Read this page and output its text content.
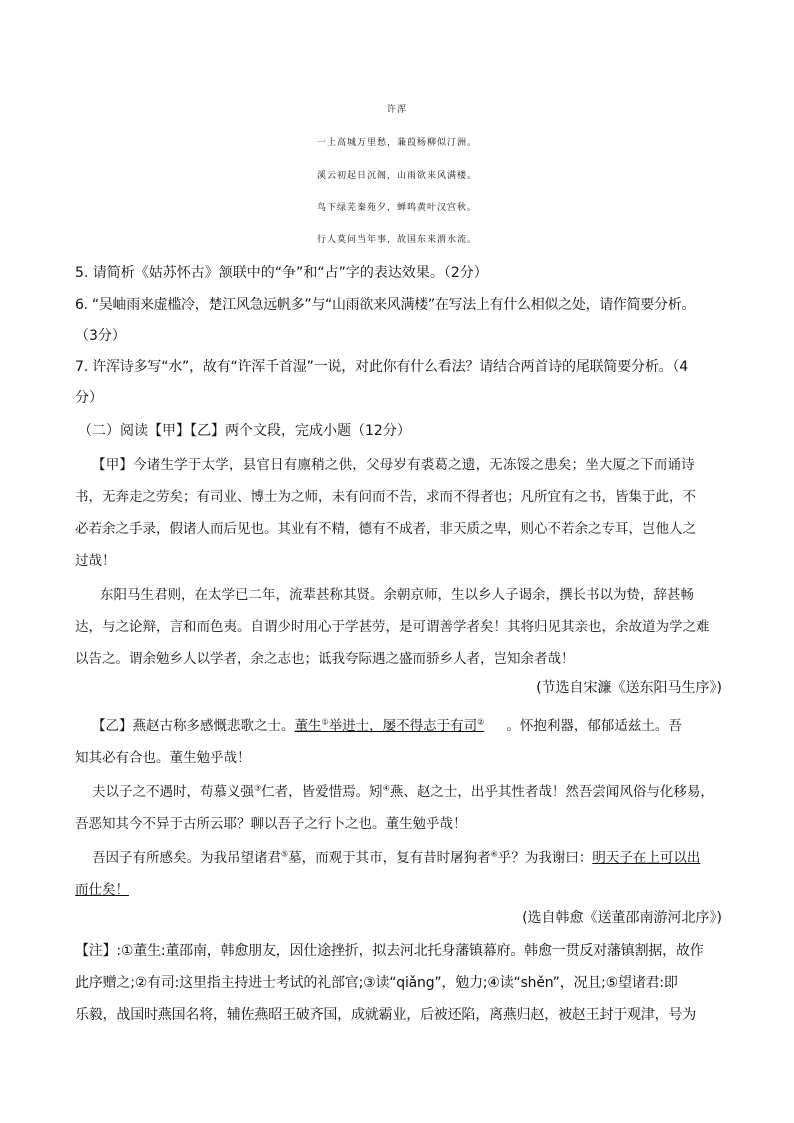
许浑
一上高城万里愁，蒹葭杨柳似汀洲。
溪云初起日沉阁，山雨欲来风满楼。
鸟下绿芜秦苑夕，蝉鸣黄叶汉宫秋。
行人莫问当年事，故国东来渭水流。
5. 请简析《姑苏怀古》颔联中的“争”和“占”字的表达效果。（2分）
6. “吴岫雨来虚槛冷，楚江风急远帆多”与“山雨欲来风满楼”在写法上有什么相似之处，请作简要分析。
（3分）
7. 许浑诗多写“水”，故有“许浑千首湿”一说，对此你有什么看法？请结合两首诗的尾联简要分析。（4
分）
（二）阅读【甲】【乙】两个文段，完成小题（12分）
【甲】今诸生学于太学，县官日有廪稍之供，父母岁有裘葛之遗，无冻馁之患矣；坐大厦之下而诵诗
书，无奔走之劳矣；有司业、博士为之师，未有问而不告，求而不得者也；凡所宜有之书，皆集于此，不
必若余之手录，假诸人而后见也。其业有不精，德有不成者，非天质之卑，则心不若余之专耳，岂他人之
过哉！
东阳马生君则，在太学已二年，流辈甚称其贤。余朝京师，生以乡人子谒余，撰长书以为贽，辞甚畅
达，与之论辩，言和而色夷。自谓少时用心于学甚劳，是可谓善学者矣！其将归见其亲也，余故道为学之难
以告之。谓余勉乡人以学者，余之志也；诋我夸际遇之盛而骄乡人者，岂知余者哉！
(节选自宋濂《送东阳马生序》)
【乙】燕赵古称多感慨悲歌之士。董生①举进士，屡不得志于有司② 。怀抱利器，郁郁适兹土。吾
知其必有合也。董生勉乎哉！
夫以子之不遇时，苟慕义强③仁者，皆爱惜焉。矧④燕、赵之士，出乎其性者哉！然吾尝闻风俗与化移易，
吾恶知其今不异于古所云耶？聊以吾子之行卜之也。董生勉乎哉！
吾因子有所感矣。为我吊望诸君⑤墓，而观于其市，复有昔时屠狗者⑥乎？为我谢曰：明天子在上可以出
而仕矣！
(选自韩愈《送董邵南游河北序》)
【注】:①董生:董邵南，韩愈朋友，因仕途挫折，拟去河北托身藩镇幕府。韩愈一贯反对藩镇割据，故作
此序赠之;②有司:这里指主持进士考试的礼部官;③读“qiǎng”，勉力;④读“shěn”，况且;⑤望诸君:即
乐毅，战国时燕国名将，辅佐燕昭王破齐国，成就霸业，后被还陷，离燕归赵，被赵王封于观津，号为
